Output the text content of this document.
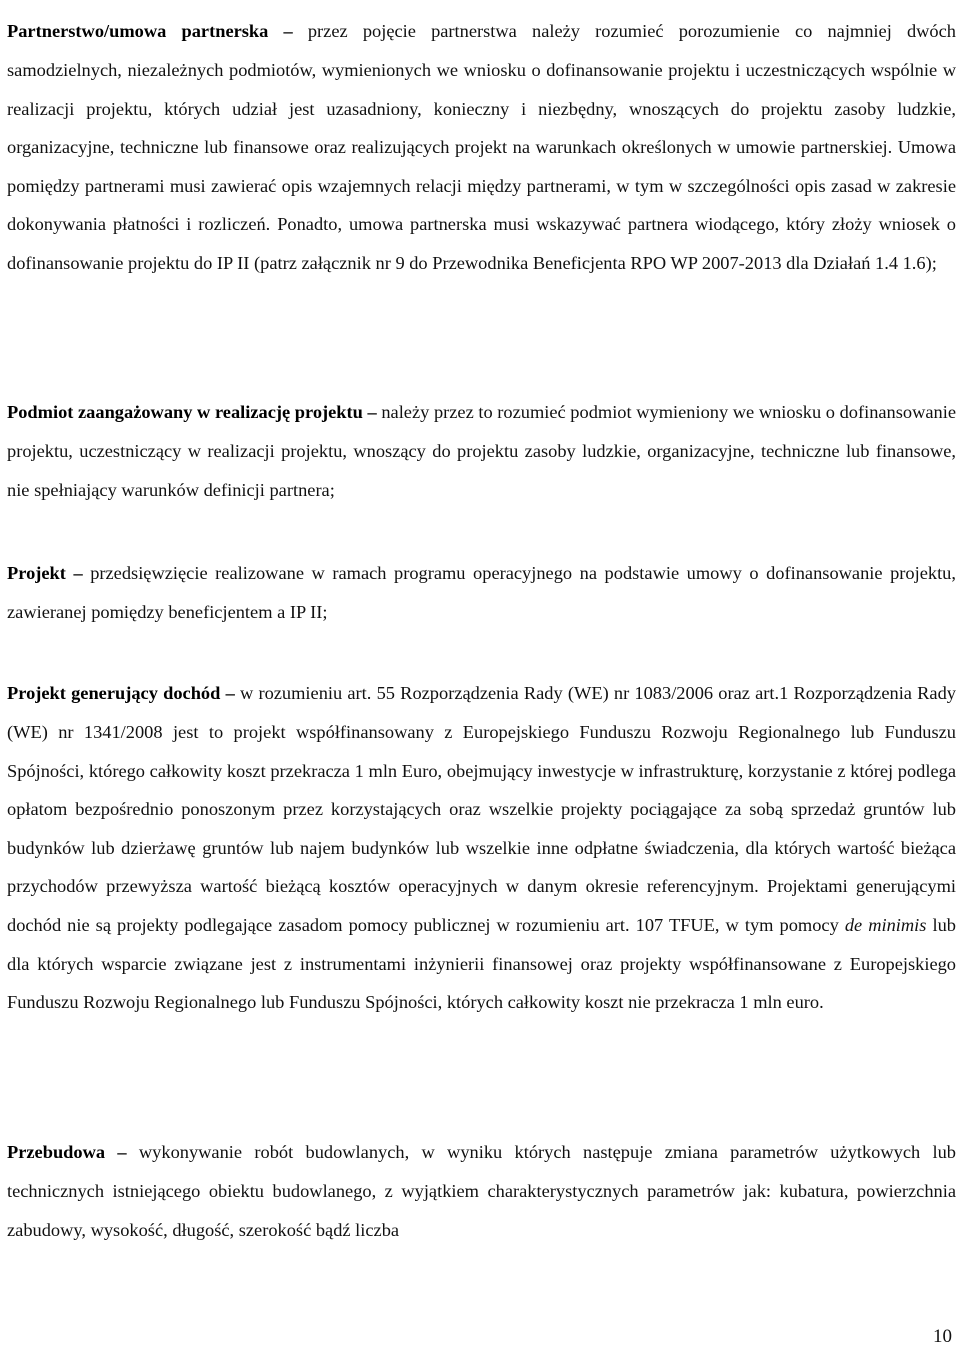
Partnerstwo/umowa partnerska – przez pojęcie partnerstwa należy rozumieć porozumienie co najmniej dwóch samodzielnych, niezależnych podmiotów, wymienionych we wniosku o dofinansowanie projektu i uczestniczących wspólnie w realizacji projektu, których udział jest uzasadniony, konieczny i niezbędny, wnoszących do projektu zasoby ludzkie, organizacyjne, techniczne lub finansowe oraz realizujących projekt na warunkach określonych w umowie partnerskiej. Umowa pomiędzy partnerami musi zawierać opis wzajemnych relacji między partnerami, w tym w szczególności opis zasad w zakresie dokonywania płatności i rozliczeń. Ponadto, umowa partnerska musi wskazywać partnera wiodącego, który złoży wniosek o dofinansowanie projektu do IP II (patrz załącznik nr 9 do Przewodnika Beneficjenta RPO WP 2007-2013 dla Działań 1.4 1.6);

Podmiot zaangażowany w realizację projektu – należy przez to rozumieć podmiot wymieniony we wniosku o dofinansowanie projektu, uczestniczący w realizacji projektu, wnoszący do projektu zasoby ludzkie, organizacyjne, techniczne lub finansowe, nie spełniający warunków definicji partnera;

Projekt – przedsięwzięcie realizowane w ramach programu operacyjnego na podstawie umowy o dofinansowanie projektu, zawieranej pomiędzy beneficjentem a IP II;

Projekt generujący dochód – w rozumieniu art. 55 Rozporządzenia Rady (WE) nr 1083/2006 oraz art.1 Rozporządzenia Rady (WE) nr 1341/2008 jest to projekt współfinansowany z Europejskiego Funduszu Rozwoju Regionalnego lub Funduszu Spójności, którego całkowity koszt przekracza 1 mln Euro, obejmujący inwestycje w infrastrukturę, korzystanie z której podlega opłatom bezpośrednio ponoszonym przez korzystających oraz wszelkie projekty pociągające za sobą sprzedaż gruntów lub budynków lub dzierżawę gruntów lub najem budynków lub wszelkie inne odpłatne świadczenia, dla których wartość bieżąca przychodów przewyższa wartość bieżącą kosztów operacyjnych w danym okresie referencyjnym. Projektami generującymi dochód nie są projekty podlegające zasadom pomocy publicznej w rozumieniu art. 107 TFUE, w tym pomocy de minimis lub dla których wsparcie związane jest z instrumentami inżynierii finansowej oraz projekty współfinansowane z Europejskiego Funduszu Rozwoju Regionalnego lub Funduszu Spójności, których całkowity koszt nie przekracza 1 mln euro.

Przebudowa – wykonywanie robót budowlanych, w wyniku których następuje zmiana parametrów użytkowych lub technicznych istniejącego obiektu budowlanego, z wyjątkiem charakterystycznych parametrów jak: kubatura, powierzchnia zabudowy, wysokość, długość, szerokość bądź liczba

10
